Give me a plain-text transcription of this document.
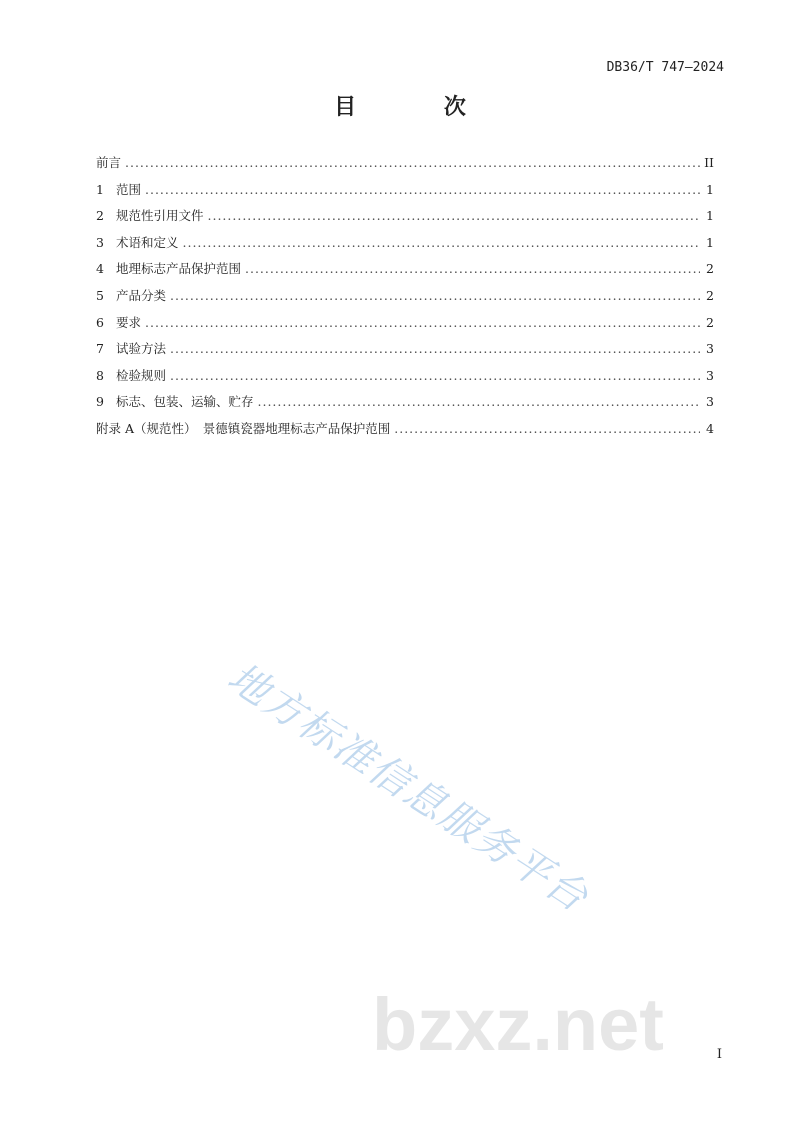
DB36/T 747—2024
目 次
前言 .....	II
1 范围 .....	1
2 规范性引用文件 .....	1
3 术语和定义 .....	1
4 地理标志产品保护范围 .....	2
5 产品分类 .....	2
6 要求 .....	2
7 试验方法 .....	3
8 检验规则 .....	3
9 标志、包装、运输、贮存 .....	3
附录 A（规范性）　景德镇瓷器地理标志产品保护范围 .....	4
地方标准信息服务平台
bzxz.net	I
